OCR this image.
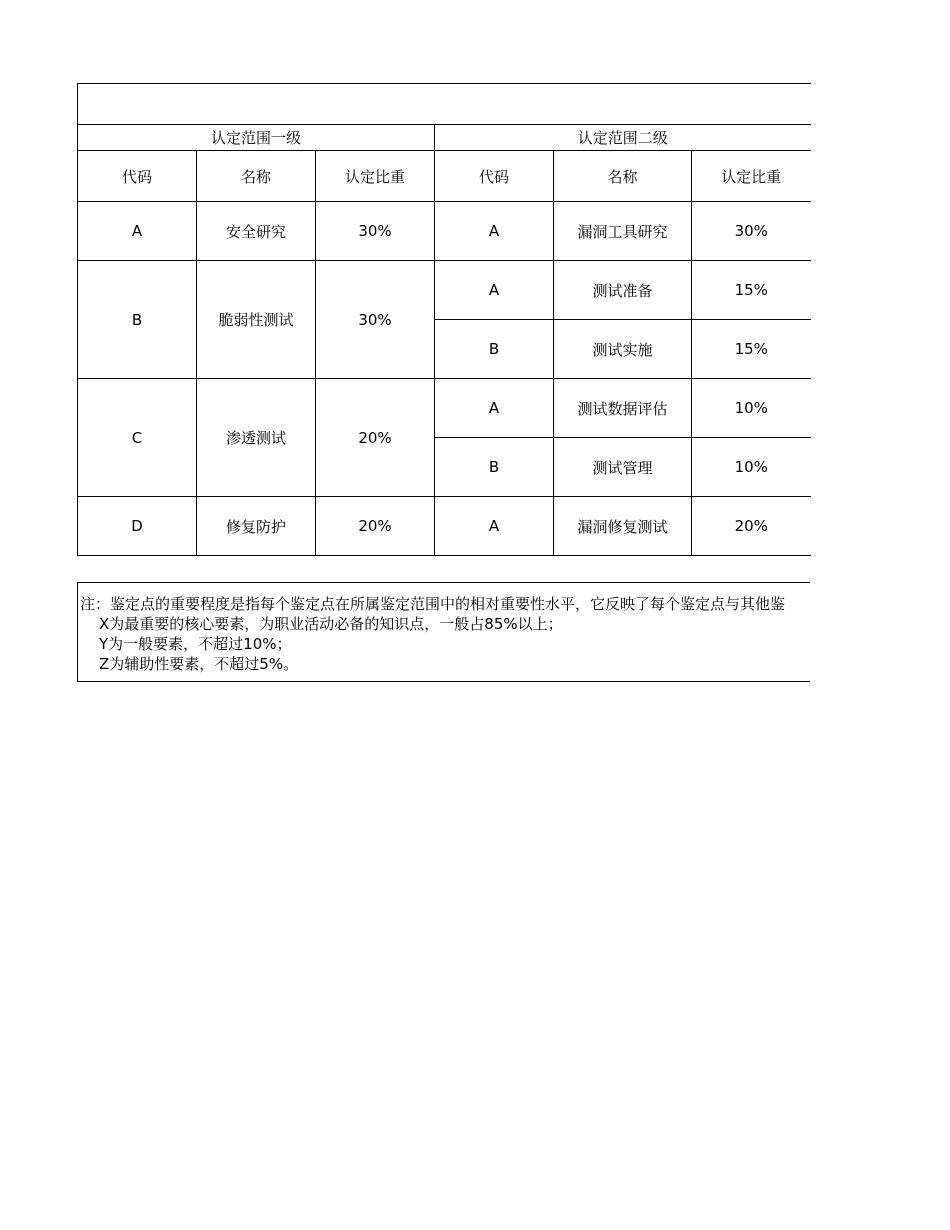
认定范围一级			认定范围二级		
代码	名称	认定比重	代码	名称	认定比重
A	安全研究	30%	A	漏洞工具研究	30%
B	脆弱性测试	30%	A	测试准备	15%
			B	测试实施	15%
C	渗透测试	20%	A	测试数据评估	10%
			B	测试管理	10%
D	修复防护	20%	A	漏洞修复测试	20%
注：鉴定点的重要程度是指每个鉴定点在所属鉴定范围中的相对重要性水平，它反映了每个鉴定点与其他鉴
X为最重要的核心要素，为职业活动必备的知识点，一般占85%以上；
Y为一般要素，不超过10%；
Z为辅助性要素，不超过5%。
